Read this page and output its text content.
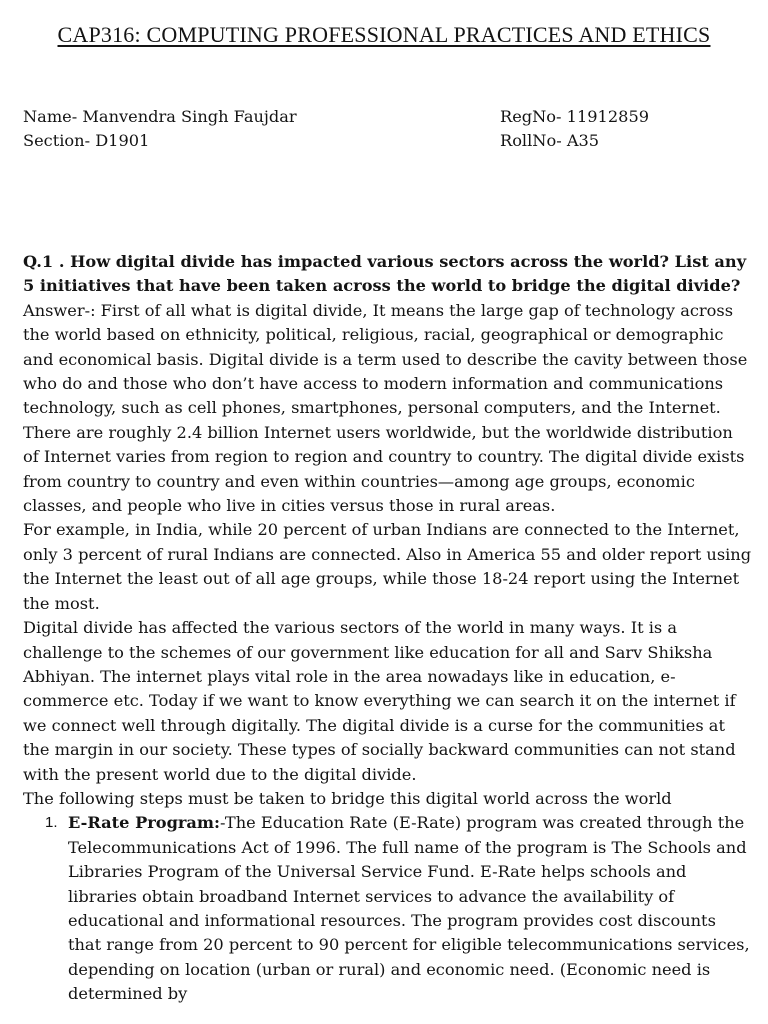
CAP316: COMPUTING PROFESSIONAL PRACTICES AND ETHICS
Name- Manvendra Singh Faujdar
Section- D1901
RegNo- 11912859
RollNo- A35

Q.1 . How digital divide has impacted various sectors across the world? List any 5 initiatives that have been taken across the world to bridge the digital divide?

Answer-: First of all what is digital divide, It means the large gap of technology across the world based on ethnicity, political, religious, racial, geographical or demographic and economical basis. Digital divide is a term used to describe the cavity between those who do and those who don’t have access to modern information and communications technology, such as cell phones, smartphones, personal computers, and the Internet. There are roughly 2.4 billion Internet users worldwide, but the worldwide distribution of Internet varies from region to region and country to country. The digital divide exists from country to country and even within countries—among age groups, economic classes, and people who live in cities versus those in rural areas.

For example, in India, while 20 percent of urban Indians are connected to the Internet, only 3 percent of rural Indians are connected. Also in America 55 and older report using the Internet the least out of all age groups, while those 18-24 report using the Internet the most.

Digital divide has affected the various sectors of the world in many ways. It is a challenge to the schemes of our government like education for all and Sarv Shiksha Abhiyan. The internet plays vital role in the area nowadays like in education, e-commerce etc. Today if we want to know everything we can search it on the internet if we connect well through digitally. The digital divide is a curse for the communities at the margin in our society. These types of socially backward communities can not stand with the present world due to the digital divide.

The following steps must be taken to bridge this digital world across the world

1. E-Rate Program:-The Education Rate (E-Rate) program was created through the Telecommunications Act of 1996. The full name of the program is The Schools and Libraries Program of the Universal Service Fund. E-Rate helps schools and libraries obtain broadband Internet services to advance the availability of educational and informational resources. The program provides cost discounts that range from 20 percent to 90 percent for eligible telecommunications services, depending on location (urban or rural) and economic need. (Economic need is determined by
